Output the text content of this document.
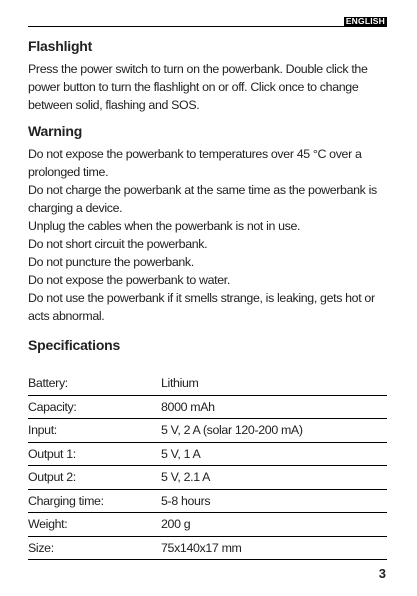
ENGLISH
Flashlight

Press the power switch to turn on the powerbank. Double click the power button to turn the flashlight on or off. Click once to change between solid, flashing and SOS.

Warning

Do not expose the powerbank to temperatures over 45 °C over a prolonged time.

Do not charge the powerbank at the same time as the powerbank is charging a device.

Unplug the cables when the powerbank is not in use.

Do not short circuit the powerbank.

Do not puncture the powerbank.

Do not expose the powerbank to water.

Do not use the powerbank if it smells strange, is leaking, gets hot or acts abnormal.

Specifications
Battery:	Lithium
Capacity:	8000 mAh
Input:	5 V, 2 A (solar 120-200 mA)
Output 1:	5 V, 1 A
Output 2:	5 V, 2.1 A
Charging time:	5-8 hours
Weight:	200 g
Size:	75x140x17 mm
3
